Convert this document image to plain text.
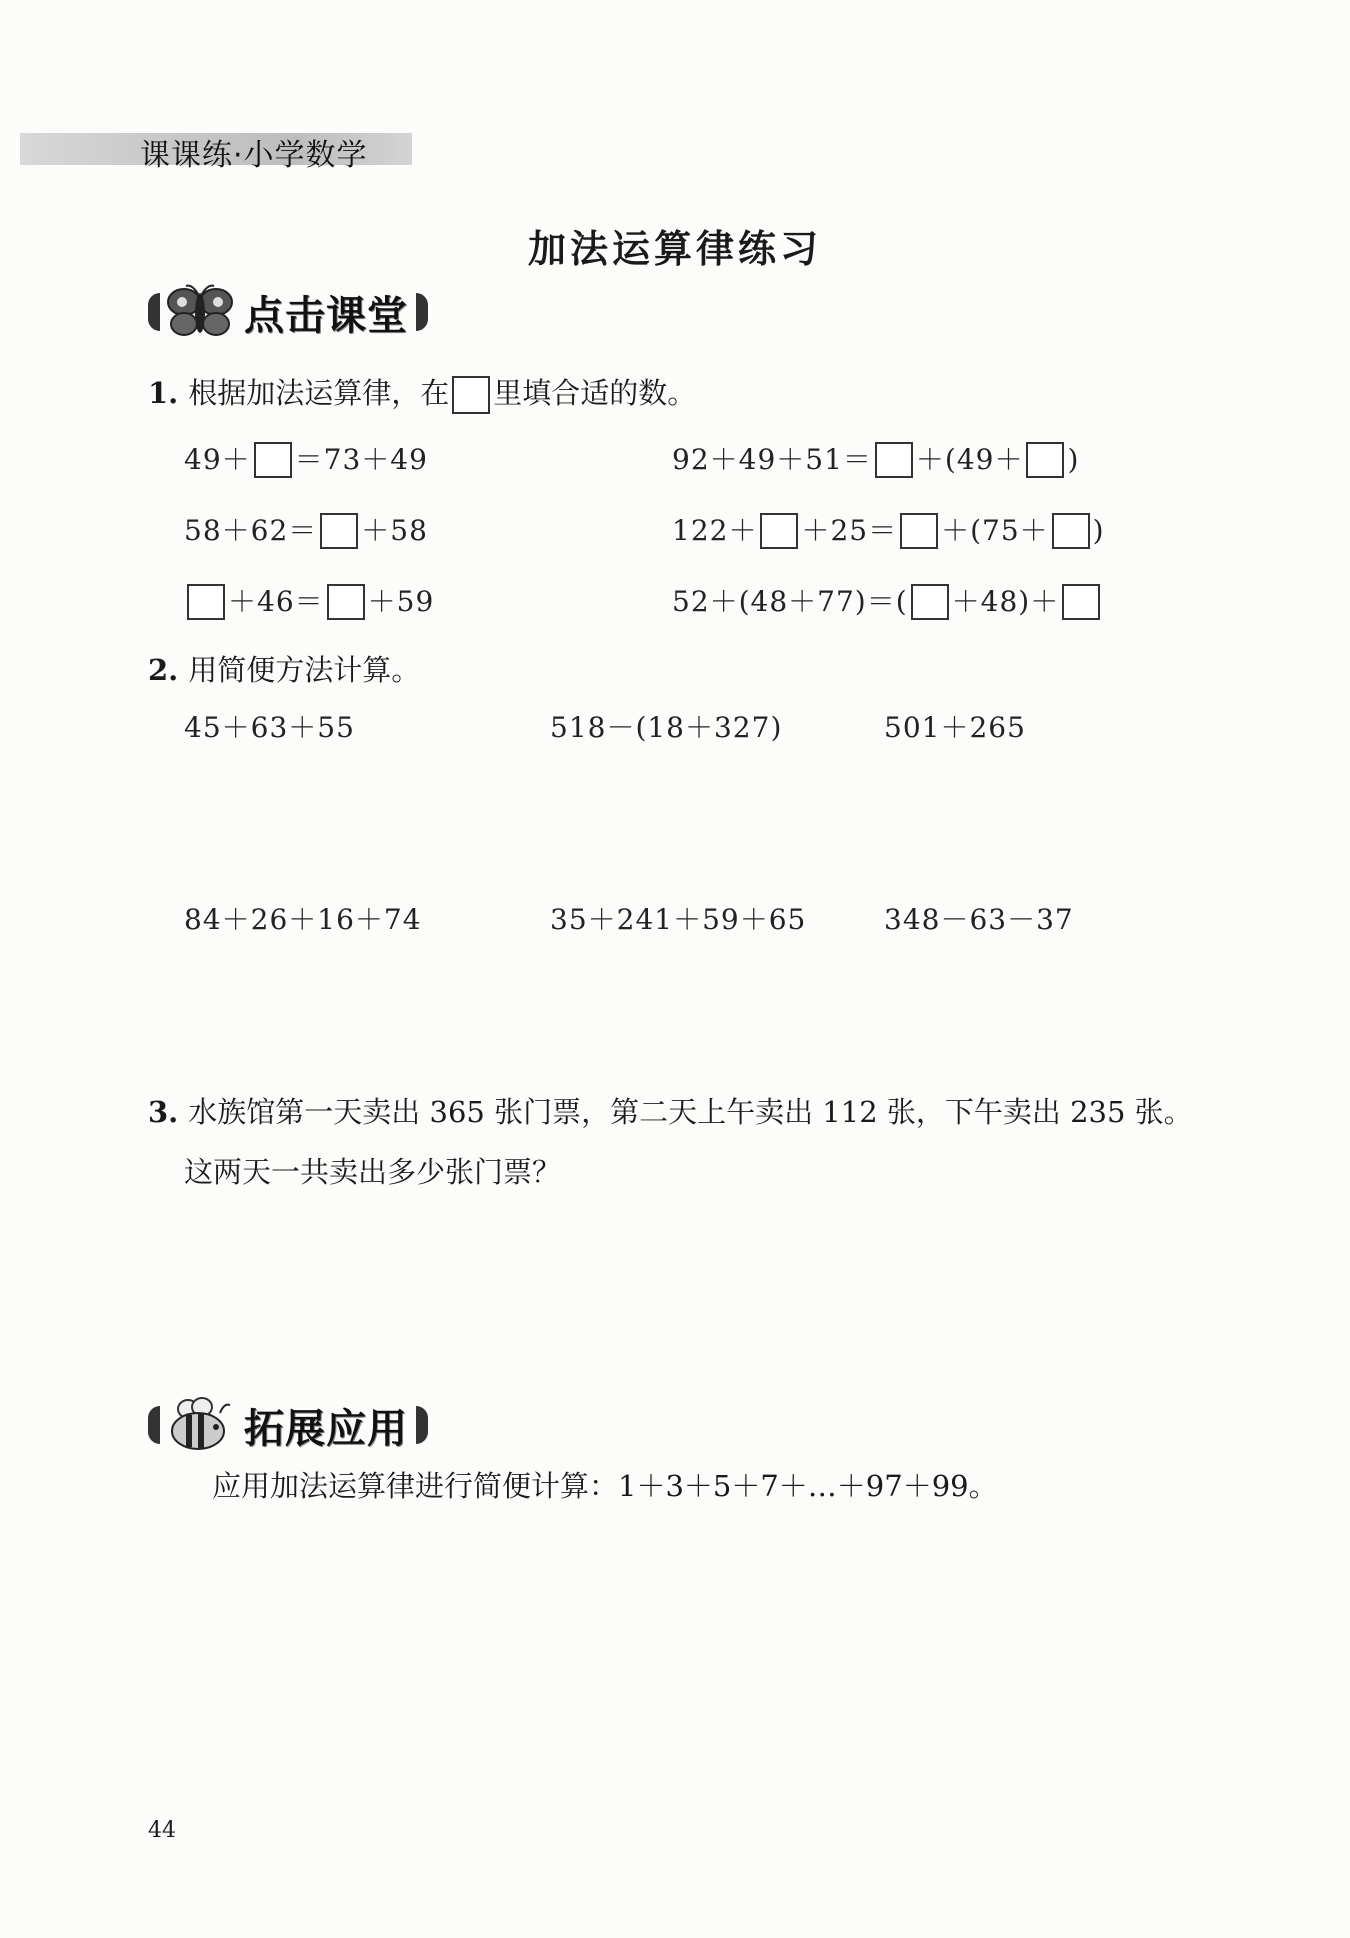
课课练·小学数学
加法运算律练习
点击课堂
1. 根据加法运算律，在 里填合适的数。
49＋ ＝73＋49	92＋49＋51＝ ＋(49＋ )
58＋62＝ ＋58	122＋ ＋25＝ ＋(75＋ )
＋46＝ ＋59	52＋(48＋77)＝( ＋48)＋
2. 用简便方法计算。
45＋63＋55	518－(18＋327)	501＋265
84＋26＋16＋74	35＋241＋59＋65	348－63－37
3. 水族馆第一天卖出 365 张门票，第二天上午卖出 112 张，下午卖出 235 张。
这两天一共卖出多少张门票？
拓展应用
应用加法运算律进行简便计算：1＋3＋5＋7＋…＋97＋99。
44
